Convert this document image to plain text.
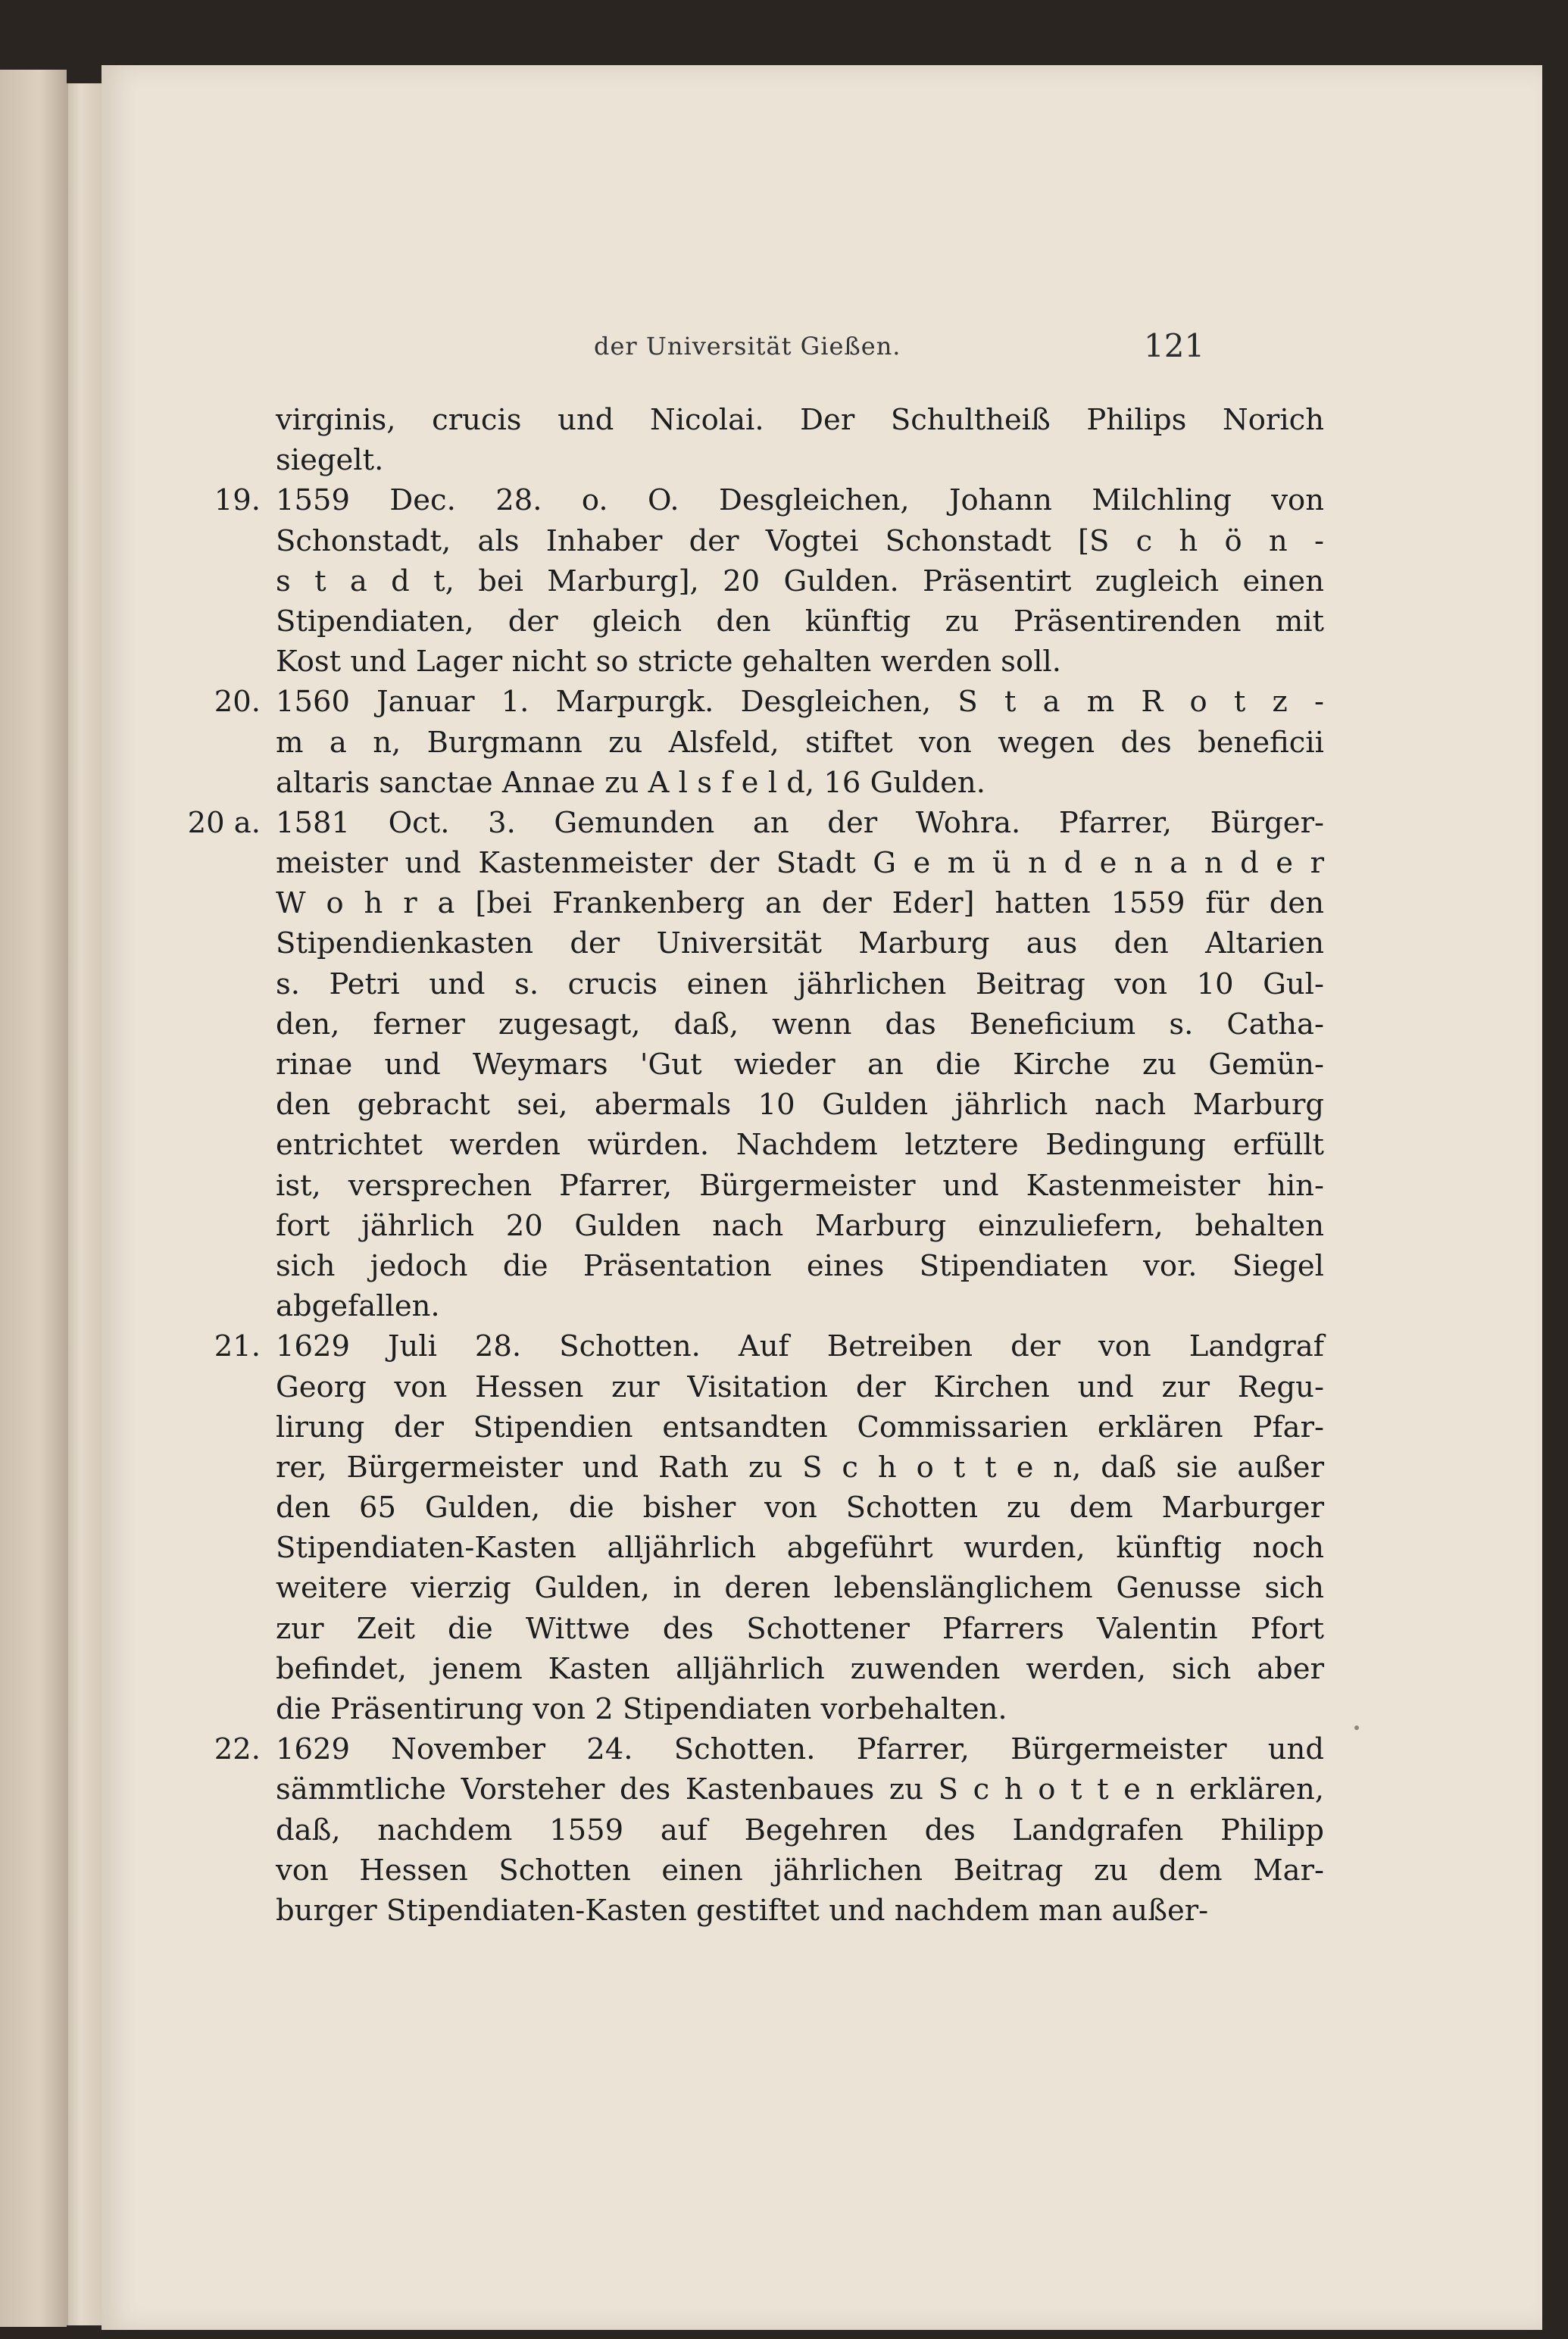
der Universität Gießen.	121
virginis, crucis und Nicolai. Der Schultheiß Philips Norich
siegelt.
19. 1559 Dec. 28. o. O. Desgleichen, Johann Milchling von
Schonstadt, als Inhaber der Vogtei Schonstadt [S c h ö n -
s t a d t, bei Marburg], 20 Gulden. Präsentirt zugleich einen
Stipendiaten, der gleich den künftig zu Präsentirenden mit
Kost und Lager nicht so stricte gehalten werden soll.
20. 1560 Januar 1. Marpurgk. Desgleichen, S t a m R o t z -
m a n, Burgmann zu Alsfeld, stiftet von wegen des beneficii
altaris sanctae Annae zu A l s f e l d, 16 Gulden.
20 a. 1581 Oct. 3. Gemunden an der Wohra. Pfarrer, Bürger-
meister und Kastenmeister der Stadt G e m ü n d e n a n d e r
W o h r a [bei Frankenberg an der Eder] hatten 1559 für den
Stipendienkasten der Universität Marburg aus den Altarien
s. Petri und s. crucis einen jährlichen Beitrag von 10 Gul-
den, ferner zugesagt, daß, wenn das Beneficium s. Catha-
rinae und Weymars 'Gut wieder an die Kirche zu Gemün-
den gebracht sei, abermals 10 Gulden jährlich nach Marburg
entrichtet werden würden. Nachdem letztere Bedingung erfüllt
ist, versprechen Pfarrer, Bürgermeister und Kastenmeister hin-
fort jährlich 20 Gulden nach Marburg einzuliefern, behalten
sich jedoch die Präsentation eines Stipendiaten vor. Siegel
abgefallen.
21. 1629 Juli 28. Schotten. Auf Betreiben der von Landgraf
Georg von Hessen zur Visitation der Kirchen und zur Regu-
lirung der Stipendien entsandten Commissarien erklären Pfar-
rer, Bürgermeister und Rath zu S c h o t t e n, daß sie außer
den 65 Gulden, die bisher von Schotten zu dem Marburger
Stipendiaten-Kasten alljährlich abgeführt wurden, künftig noch
weitere vierzig Gulden, in deren lebenslänglichem Genusse sich
zur Zeit die Wittwe des Schottener Pfarrers Valentin Pfort
befindet, jenem Kasten alljährlich zuwenden werden, sich aber
die Präsentirung von 2 Stipendiaten vorbehalten.
22. 1629 November 24. Schotten. Pfarrer, Bürgermeister und
sämmtliche Vorsteher des Kastenbaues zu S c h o t t e n erklären,
daß, nachdem 1559 auf Begehren des Landgrafen Philipp
von Hessen Schotten einen jährlichen Beitrag zu dem Mar-
burger Stipendiaten-Kasten gestiftet und nachdem man außer-
